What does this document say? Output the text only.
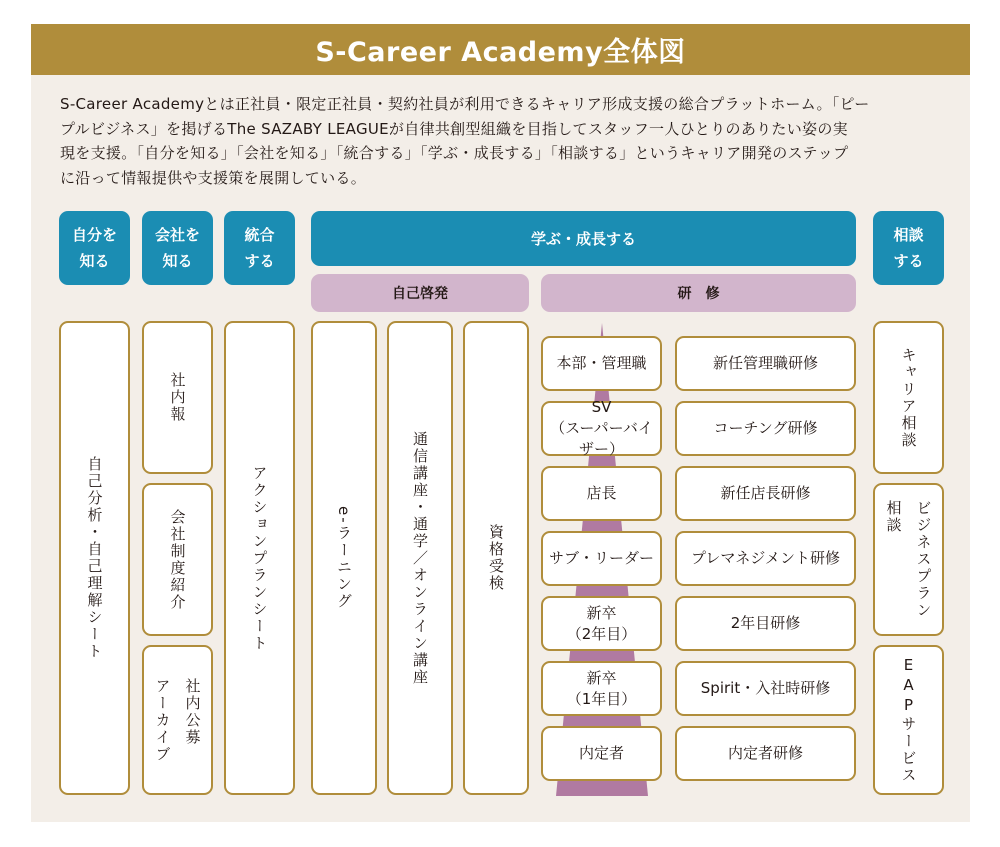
S-Career Academy全体図

S-Career Academyとは正社員・限定正社員・契約社員が利用できるキャリア形成支援の総合プラットホーム。「ピー

プルビジネス」を掲げるThe SAZABY LEAGUEが自律共創型組織を目指してスタッフ一人ひとりのありたい姿の実

現を支援。「自分を知る」「会社を知る」「統合する」「学ぶ・成長する」「相談する」というキャリア開発のステップ

に沿って情報提供や支援策を展開している。

自分を
知る
会社を
知る
統合
する
学ぶ・成長する	相談
する
自己啓発	研　修
自己分析・自己理解シート
社内報
会社制度紹介
社内公募
アーカイブ
アクションプランシート	e-ラーニング	通信講座・通学／オンライン講座	資格受検
本部・管理職
SV
（スーパーバイザー）
店長
サブ・リーダー
新卒
（2年目）
新卒
（1年目）
内定者
新任管理職研修
コーチング研修
新任店長研修
プレマネジメント研修
2年目研修
Spirit・入社時研修
内定者研修
キャリア相談
ビジネスプラン
相談
EAPサービス
